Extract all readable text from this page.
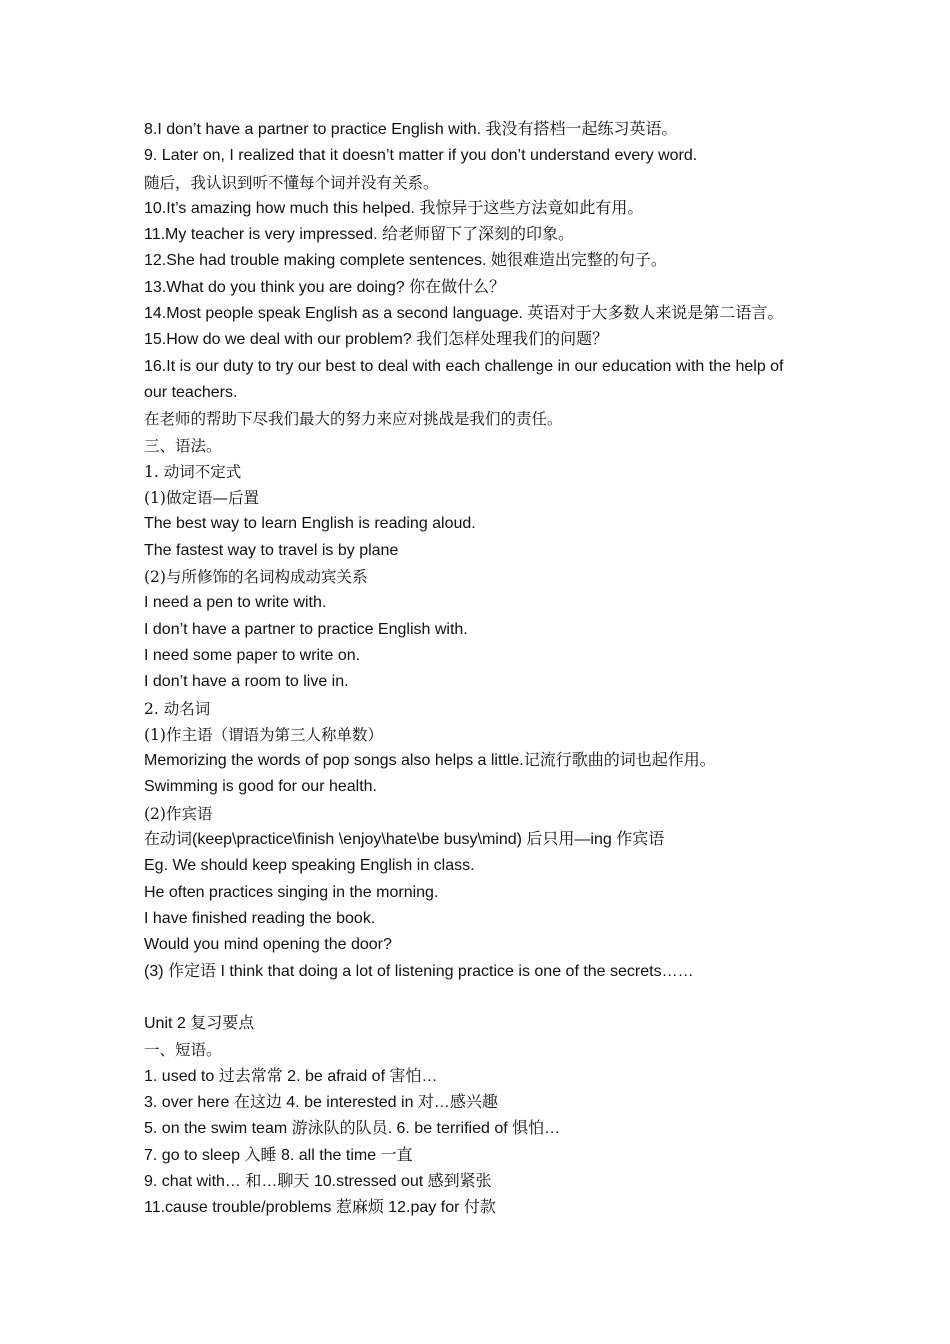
8.I don’t have a partner to practice English with. 我没有搭档一起练习英语。
9. Later on, I realized that it doesn’t matter if you don’t understand every word.
随后，我认识到听不懂每个词并没有关系。
10.It’s amazing how much this helped. 我惊异于这些方法竟如此有用。
11.My teacher is very impressed. 给老师留下了深刻的印象。
12.She had trouble making complete sentences. 她很难造出完整的句子。
13.What do you think you are doing? 你在做什么？
14.Most people speak English as a second language. 英语对于大多数人来说是第二语言。
15.How do we deal with our problem? 我们怎样处理我们的问题？
16.It is our duty to try our best to deal with each challenge in our education with the help of
our teachers.
在老师的帮助下尽我们最大的努力来应对挑战是我们的责任。
三、语法。
1. 动词不定式
(1)做定语—后置
The best way to learn English is reading aloud.
The fastest way to travel is by plane
(2)与所修饰的名词构成动宾关系
I need a pen to write with.
I don’t have a partner to practice English with.
I need some paper to write on.
I don’t have a room to live in.
2. 动名词
(1)作主语（谓语为第三人称单数）
Memorizing the words of pop songs also helps a little.记流行歌曲的词也起作用。
Swimming is good for our health.
(2)作宾语
在动词(keep\practice\finish \enjoy\hate\be busy\mind) 后只用—ing 作宾语
Eg. We should keep speaking English in class.
He often practices singing in the morning.
I have finished reading the book.
Would you mind opening the door?
(3) 作定语 I think that doing a lot of listening practice is one of the secrets……
Unit 2 复习要点
一、短语。
1. used to 过去常常 2. be afraid of 害怕…
3. over here 在这边 4. be interested in 对…感兴趣
5. on the swim team 游泳队的队员. 6. be terrified of 惧怕…
7. go to sleep 入睡 8. all the time 一直
9. chat with… 和…聊天 10.stressed out 感到紧张
11.cause trouble/problems 惹麻烦 12.pay for 付款
